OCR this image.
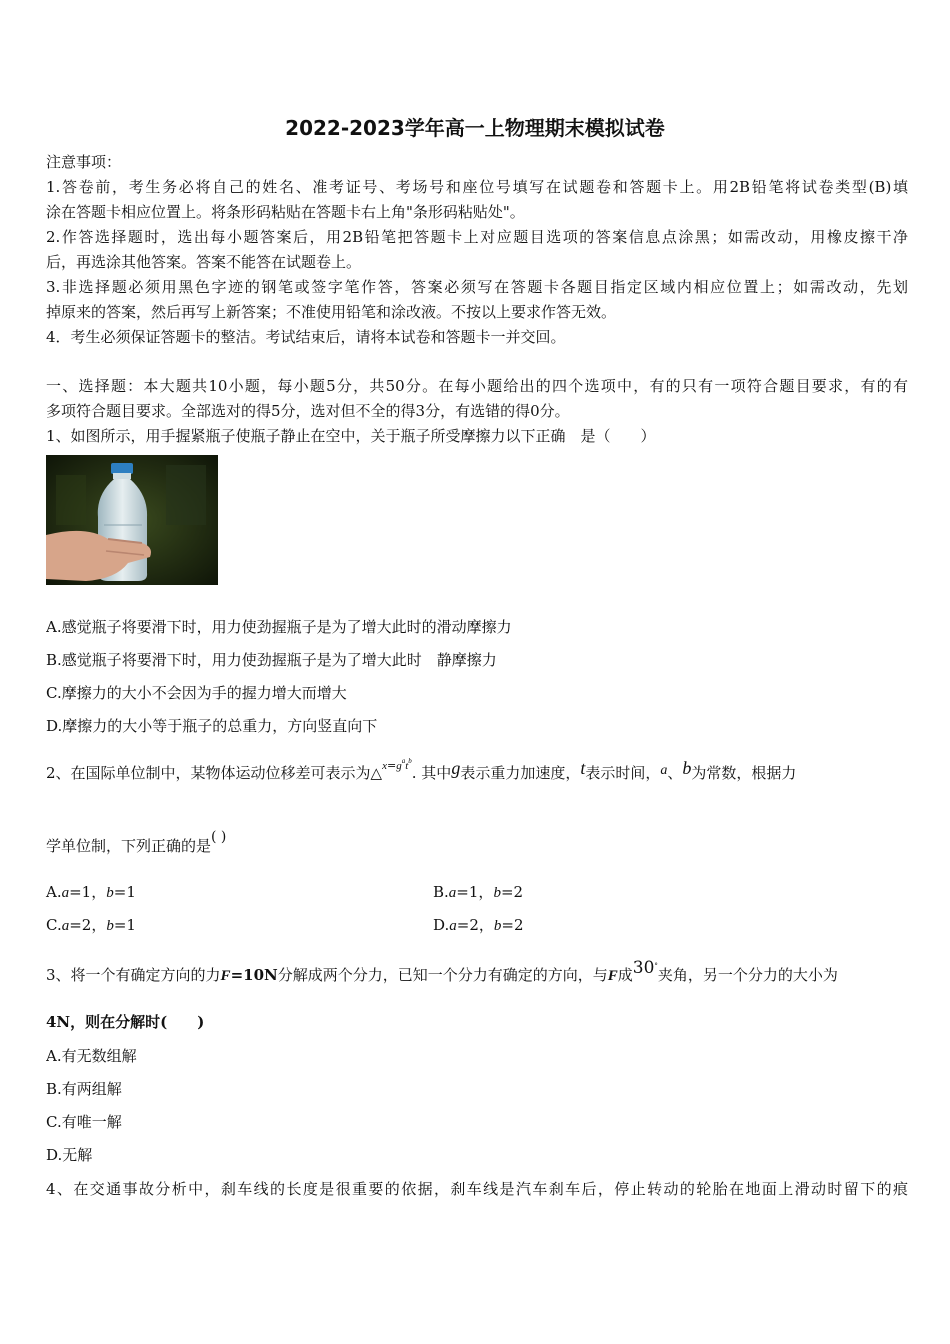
2022-2023学年高一上物理期末模拟试卷
注意事项：
1.答卷前，考生务必将自己的姓名、准考证号、考场号和座位号填写在试题卷和答题卡上。用2B铅笔将试卷类型(B)填
涂在答题卡相应位置上。将条形码粘贴在答题卡右上角"条形码粘贴处"。
2.作答选择题时，选出每小题答案后，用2B铅笔把答题卡上对应题目选项的答案信息点涂黑；如需改动，用橡皮擦干净
后，再选涂其他答案。答案不能答在试题卷上。
3.非选择题必须用黑色字迹的钢笔或签字笔作答，答案必须写在答题卡各题目指定区域内相应位置上；如需改动，先划
掉原来的答案，然后再写上新答案；不准使用铅笔和涂改液。不按以上要求作答无效。
4．考生必须保证答题卡的整洁。考试结束后，请将本试卷和答题卡一并交回。
一、选择题：本大题共10小题，每小题5分，共50分。在每小题给出的四个选项中，有的只有一项符合题目要求，有的有
多项符合题目要求。全部选对的得5分，选对但不全的得3分，有选错的得0分。
1、如图所示，用手握紧瓶子使瓶子静止在空中，关于瓶子所受摩擦力以下正确　是（　　）
A.感觉瓶子将要滑下时，用力使劲握瓶子是为了增大此时的滑动摩擦力
B.感觉瓶子将要滑下时，用力使劲握瓶子是为了增大此时　静摩擦力
C.摩擦力的大小不会因为手的握力增大而增大
D.摩擦力的大小等于瓶子的总重力，方向竖直向下
2、在国际单位制中，某物体运动位移差可表示为$\triangle x=g^at^b$. 其中g表示重力加速度，t表示时间，a、b为常数，根据力
学单位制，下列正确的是( )
A.a=1，b=1	B.a=1，b=2
C.a=2，b=1	D.a=2，b=2
3、将一个有确定方向的力F=10N分解成两个分力，已知一个分力有确定的方向，与F成30°夹角，另一个分力的大小为
4N，则在分解时(　　)
A.有无数组解
B.有两组解
C.有唯一解
D.无解
4、在交通事故分析中，刹车线的长度是很重要的依据，刹车线是汽车刹车后，停止转动的轮胎在地面上滑动时留下的痕
